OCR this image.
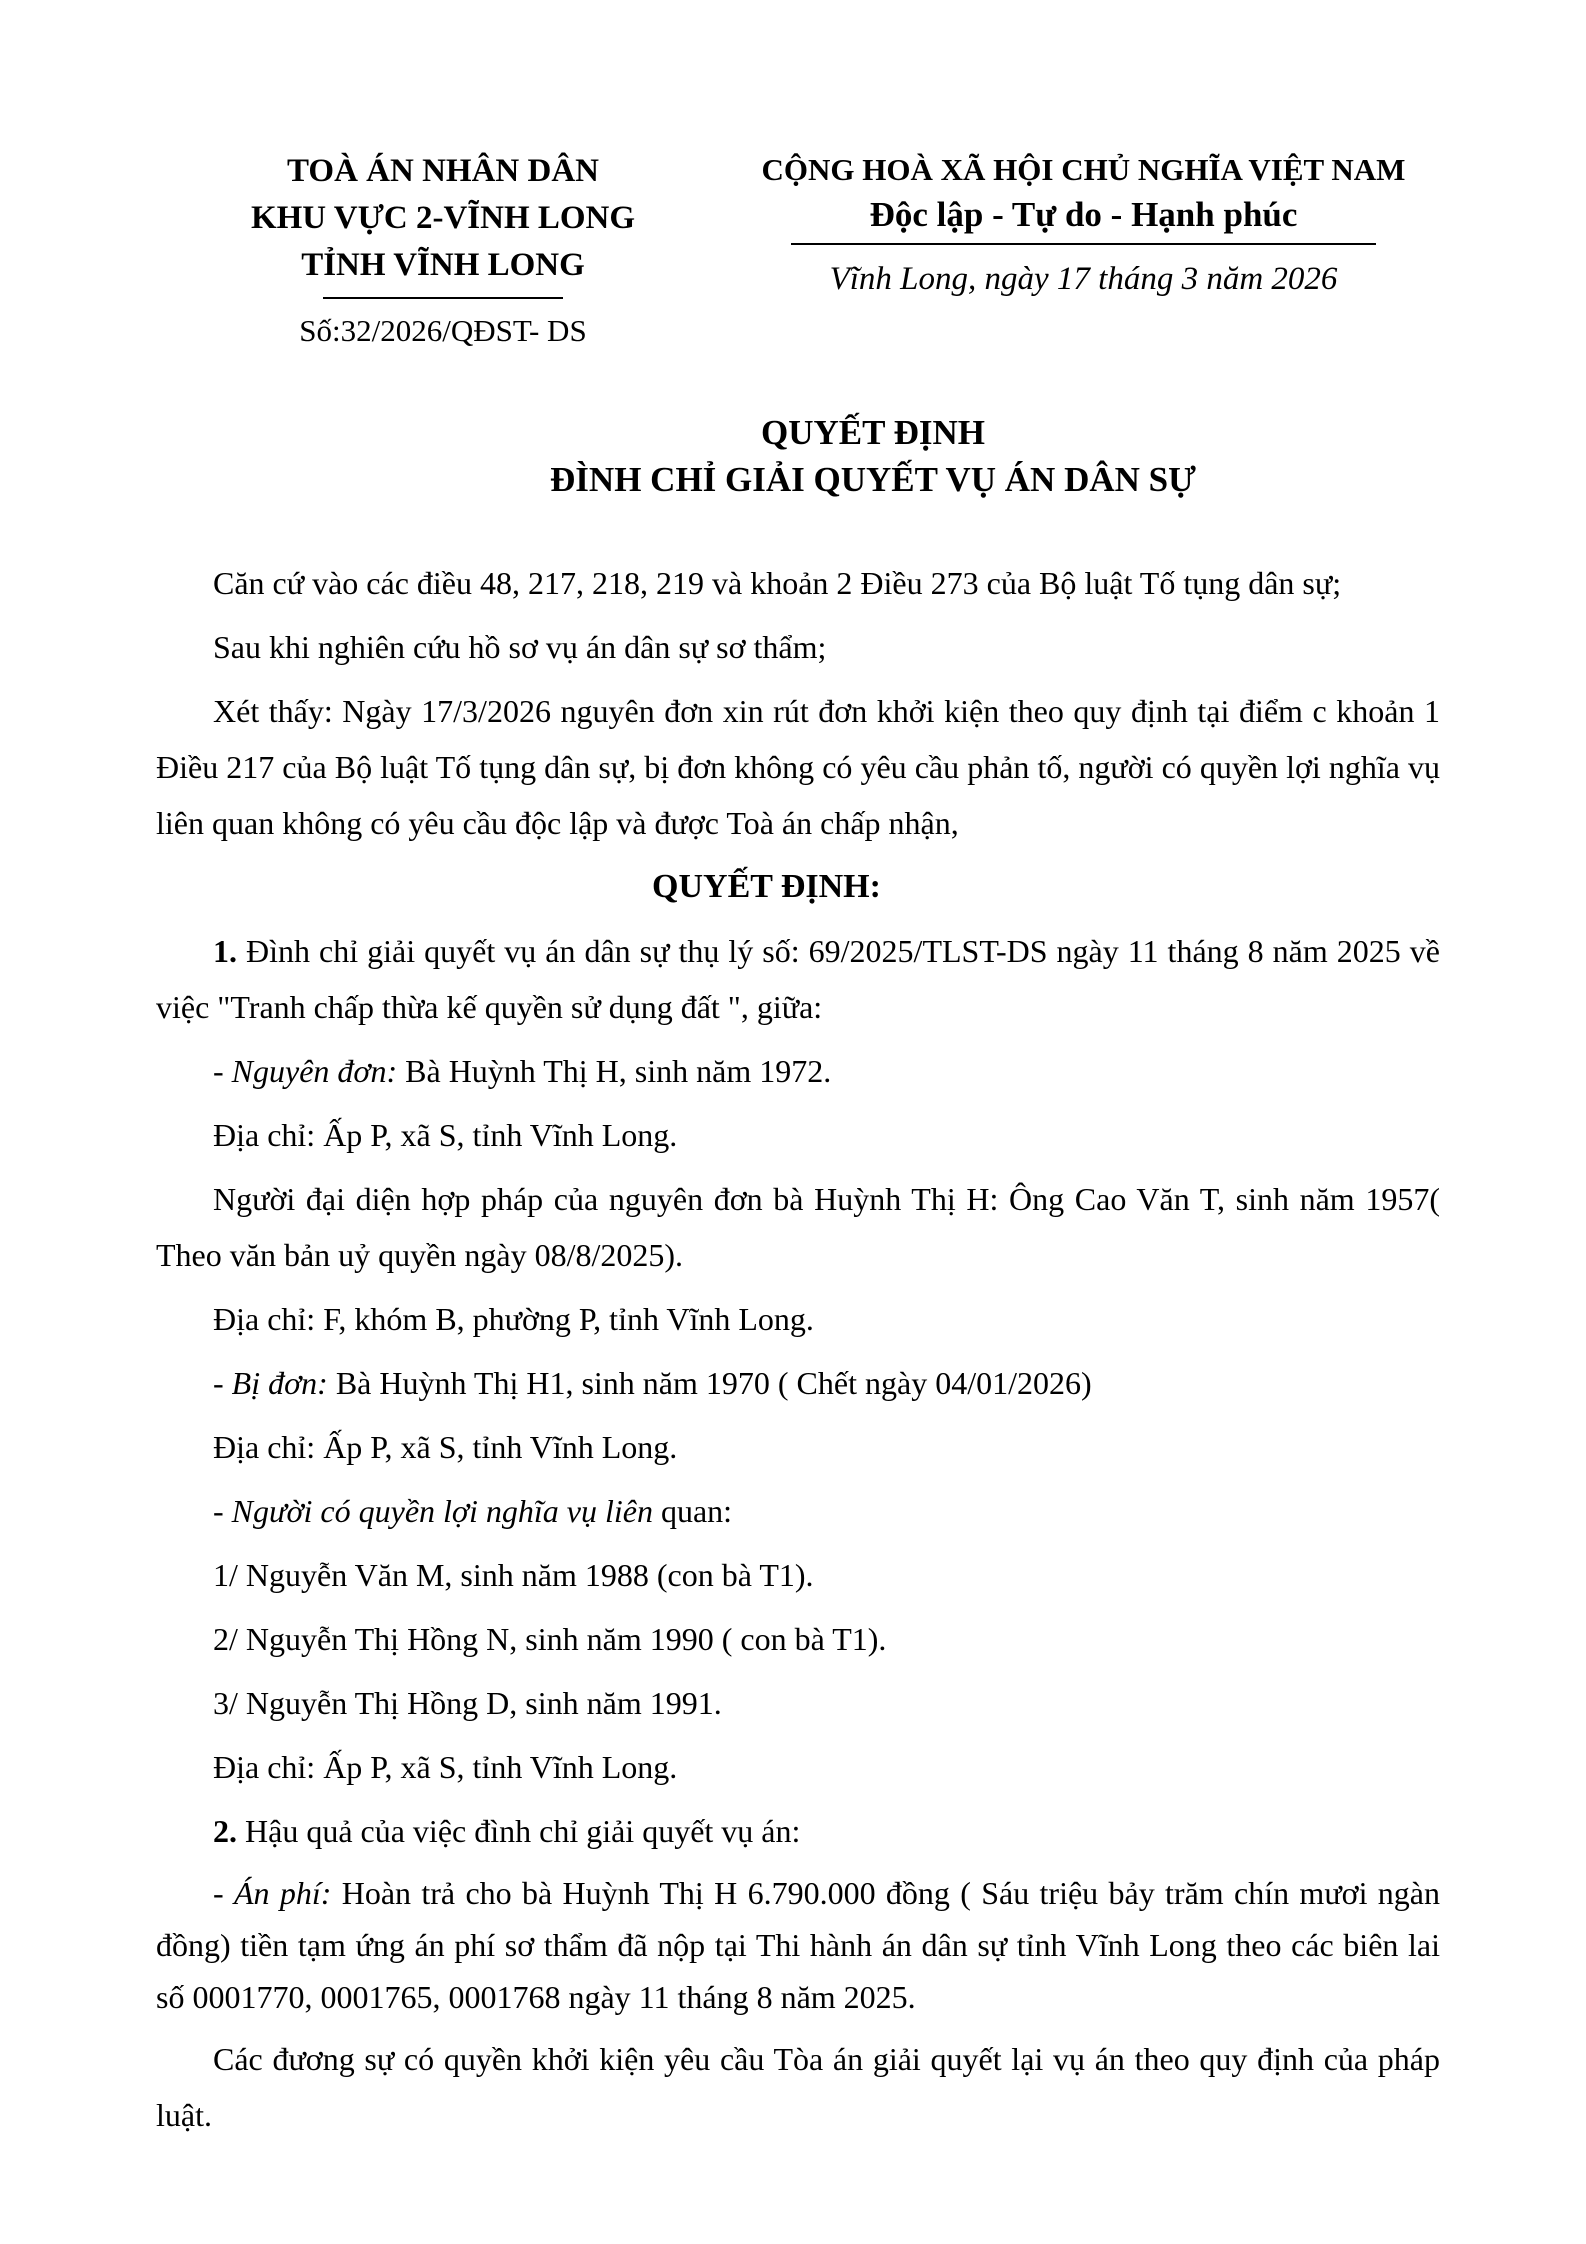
TOÀ ÁN NHÂN DÂN
KHU VỰC 2-VĨNH LONG
TỈNH VĨNH LONG
Số:32/2026/QĐST- DS
CỘNG HOÀ XÃ HỘI CHỦ NGHĨA VIỆT NAM
Độc lập - Tự do - Hạnh phúc
Vĩnh Long, ngày 17 tháng 3 năm 2026
QUYẾT ĐỊNH
ĐÌNH CHỈ GIẢI QUYẾT VỤ ÁN DÂN SỰ

Căn cứ vào các điều 48, 217, 218, 219 và khoản 2 Điều 273 của Bộ luật Tố tụng dân sự;

Sau khi nghiên cứu hồ sơ vụ án dân sự sơ thẩm;

Xét thấy: Ngày 17/3/2026 nguyên đơn xin rút đơn khởi kiện theo quy định tại điểm c khoản 1 Điều 217 của Bộ luật Tố tụng dân sự, bị đơn không có yêu cầu phản tố, người có quyền lợi nghĩa vụ liên quan không có yêu cầu độc lập và được Toà án chấp nhận,

QUYẾT ĐỊNH:

1. Đình chỉ giải quyết vụ án dân sự thụ lý số: 69/2025/TLST-DS ngày 11 tháng 8 năm 2025 về việc "Tranh chấp thừa kế quyền sử dụng đất ", giữa:

- Nguyên đơn: Bà Huỳnh Thị H, sinh năm 1972.

Địa chỉ: Ấp P, xã S, tỉnh Vĩnh Long.

Người đại diện hợp pháp của nguyên đơn bà Huỳnh Thị H: Ông Cao Văn T, sinh năm 1957( Theo văn bản uỷ quyền ngày 08/8/2025).

Địa chỉ: F, khóm B, phường P, tỉnh Vĩnh Long.

- Bị đơn: Bà Huỳnh Thị H1, sinh năm 1970 ( Chết ngày 04/01/2026)

Địa chỉ: Ấp P, xã S, tỉnh Vĩnh Long.

- Người có quyền lợi nghĩa vụ liên quan:

1/ Nguyễn Văn M, sinh năm 1988 (con bà T1).

2/ Nguyễn Thị Hồng N, sinh năm 1990 ( con bà T1).

3/ Nguyễn Thị Hồng D, sinh năm 1991.

Địa chỉ: Ấp P, xã S, tỉnh Vĩnh Long.

2. Hậu quả của việc đình chỉ giải quyết vụ án:

- Án phí: Hoàn trả cho bà Huỳnh Thị H 6.790.000 đồng ( Sáu triệu bảy trăm chín mươi ngàn đồng) tiền tạm ứng án phí sơ thẩm đã nộp tại Thi hành án dân sự tỉnh Vĩnh Long theo các biên lai số 0001770, 0001765, 0001768 ngày 11 tháng 8 năm 2025.

Các đương sự có quyền khởi kiện yêu cầu Tòa án giải quyết lại vụ án theo quy định của pháp luật.
